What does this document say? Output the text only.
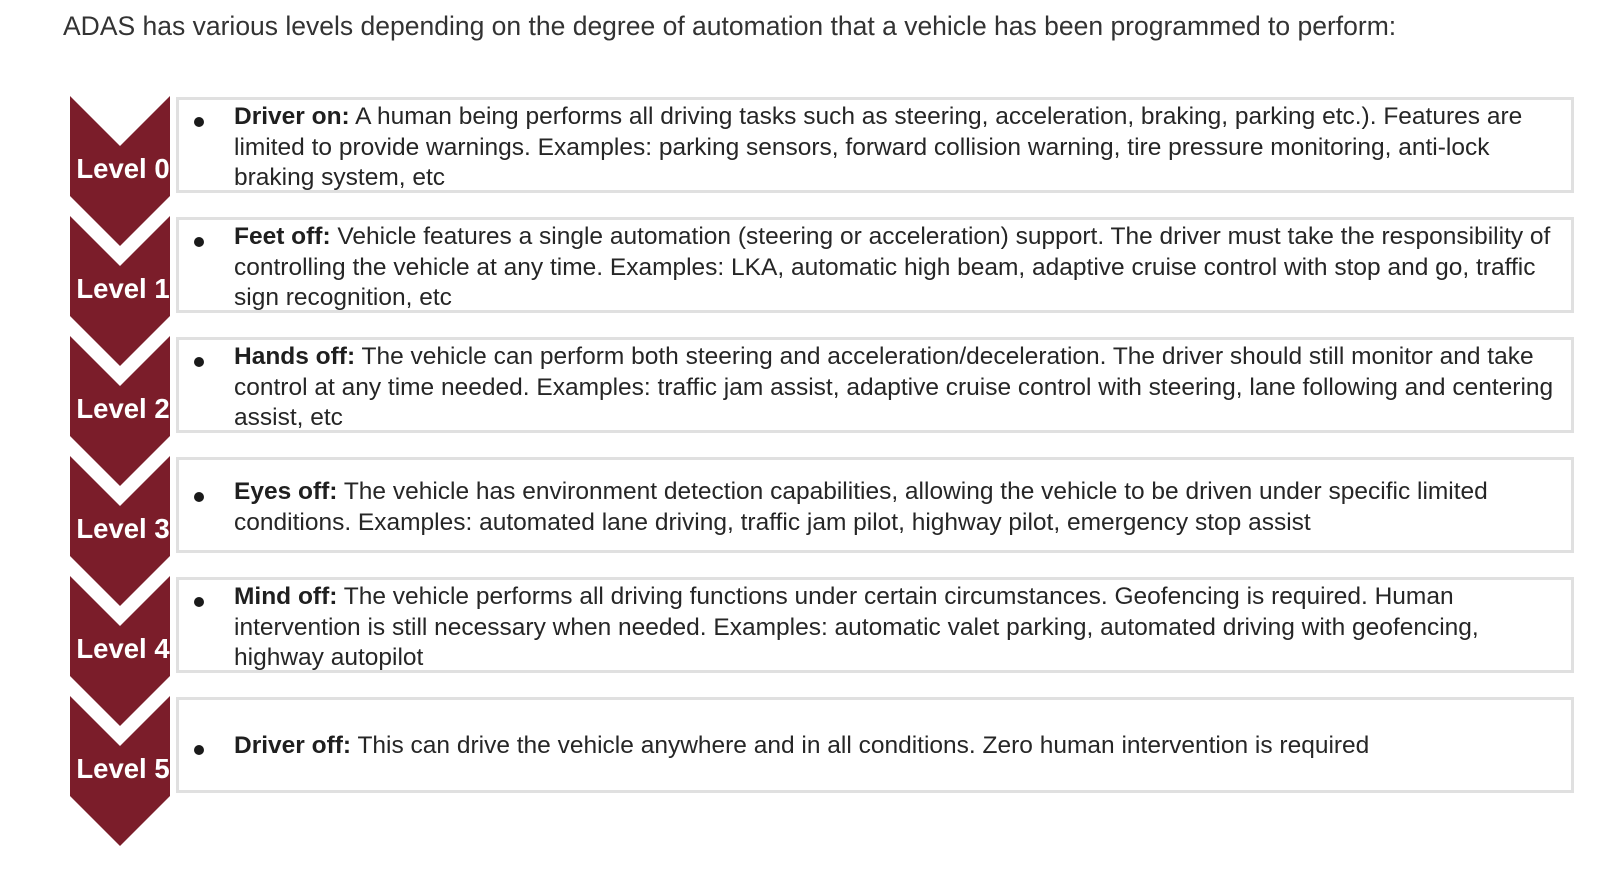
ADAS has various levels depending on the degree of automation that a vehicle has been programmed to perform:
Level 0
Level 1
Level 2
Level 3
Level 4
Level 5
Driver on: A human being performs all driving tasks such as steering, acceleration, braking, parking etc.). Features are limited to provide warnings. Examples: parking sensors, forward collision warning, tire pressure monitoring, anti-lock braking system, etc
Feet off: Vehicle features a single automation (steering or acceleration) support. The driver must take the responsibility of controlling the vehicle at any time. Examples: LKA, automatic high beam, adaptive cruise control with stop and go, traffic sign recognition, etc
Hands off: The vehicle can perform both steering and acceleration/deceleration. The driver should still monitor and take control at any time needed. Examples: traffic jam assist, adaptive cruise control with steering, lane following and centering assist, etc
Eyes off: The vehicle has environment detection capabilities, allowing the vehicle to be driven under specific limited conditions. Examples: automated lane driving, traffic jam pilot, highway pilot, emergency stop assist
Mind off: The vehicle performs all driving functions under certain circumstances. Geofencing is required. Human intervention is still necessary when needed. Examples: automatic valet parking, automated driving with geofencing, highway autopilot
Driver off: This can drive the vehicle anywhere and in all conditions. Zero human intervention is required
